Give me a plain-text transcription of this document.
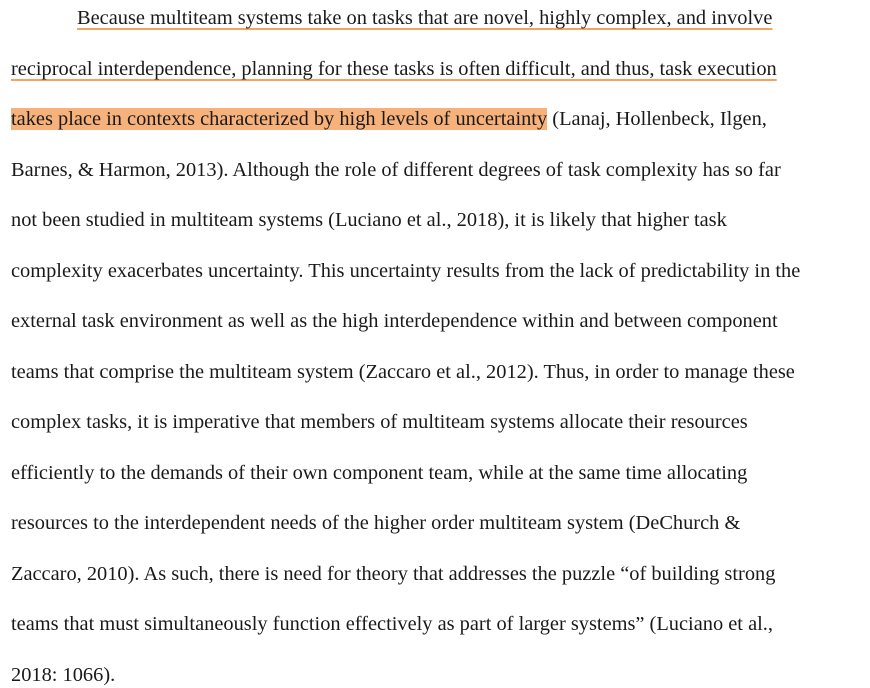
Because multiteam systems take on tasks that are novel, highly complex, and involve
reciprocal interdependence, planning for these tasks is often difficult, and thus, task execution
takes place in contexts characterized by high levels of uncertainty (Lanaj, Hollenbeck, Ilgen,
Barnes, & Harmon, 2013). Although the role of different degrees of task complexity has so far
not been studied in multiteam systems (Luciano et al., 2018), it is likely that higher task
complexity exacerbates uncertainty. This uncertainty results from the lack of predictability in the
external task environment as well as the high interdependence within and between component
teams that comprise the multiteam system (Zaccaro et al., 2012). Thus, in order to manage these
complex tasks, it is imperative that members of multiteam systems allocate their resources
efficiently to the demands of their own component team, while at the same time allocating
resources to the interdependent needs of the higher order multiteam system (DeChurch &
Zaccaro, 2010). As such, there is need for theory that addresses the puzzle “of building strong
teams that must simultaneously function effectively as part of larger systems” (Luciano et al.,
2018: 1066).
